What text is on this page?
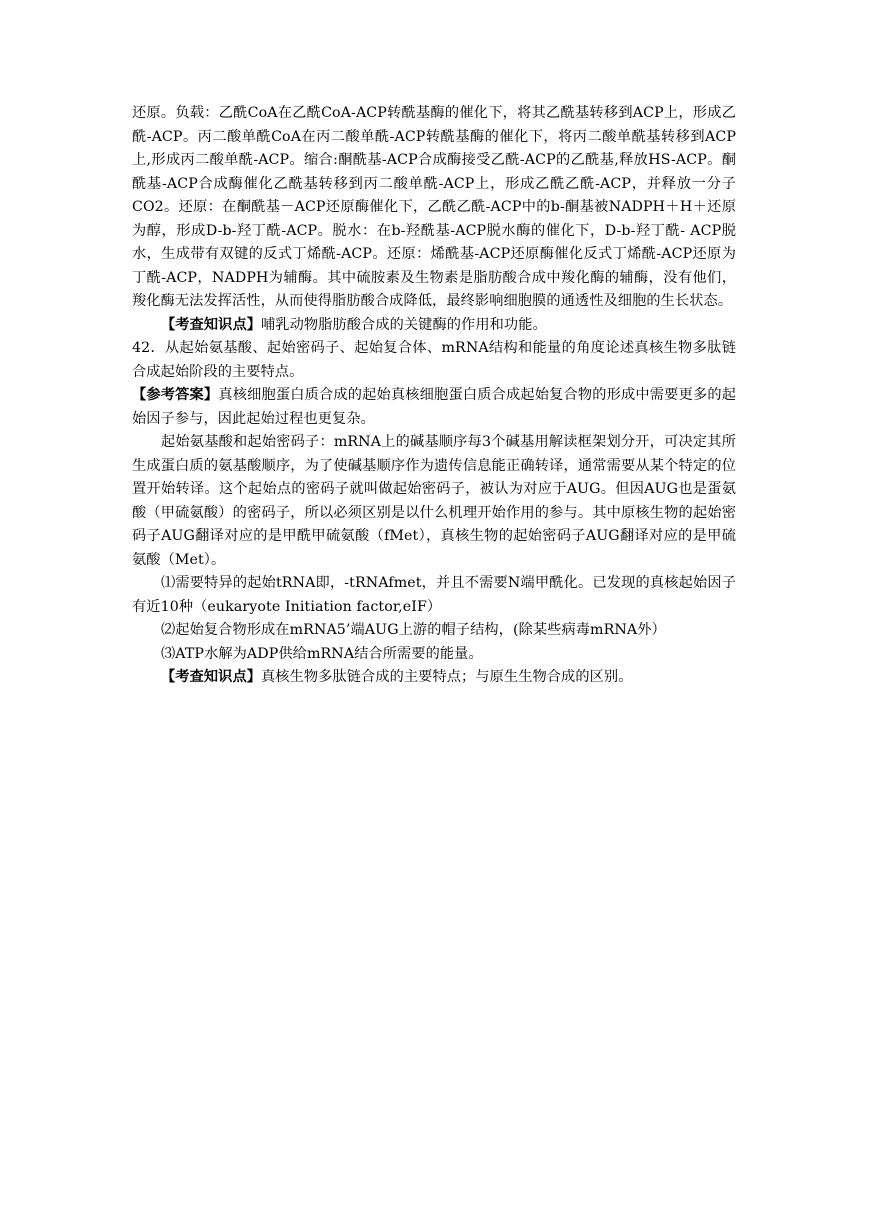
还原。负载：乙酰CoA在乙酰CoA-ACP转酰基酶的催化下，将其乙酰基转移到ACP上，形成乙酰-ACP。丙二酸单酰CoA在丙二酸单酰-ACP转酰基酶的催化下，将丙二酸单酰基转移到ACP上,形成丙二酸单酰-ACP。缩合:酮酰基-ACP合成酶接受乙酰-ACP的乙酰基,释放HS-ACP。酮酰基-ACP合成酶催化乙酰基转移到丙二酸单酰-ACP上，形成乙酰乙酰-ACP，并释放一分子CO2。还原：在酮酰基－ACP还原酶催化下，乙酰乙酰-ACP中的b-酮基被NADPH＋H＋还原为醇，形成D-b-羟丁酰-ACP。脱水：在b-羟酰基-ACP脱水酶的催化下，D-b-羟丁酰- ACP脱水，生成带有双键的反式丁烯酰-ACP。还原：烯酰基-ACP还原酶催化反式丁烯酰-ACP还原为丁酰-ACP，NADPH为辅酶。其中硫胺素及生物素是脂肪酸合成中羧化酶的辅酶，没有他们，羧化酶无法发挥活性，从而使得脂肪酸合成降低，最终影响细胞膜的通透性及细胞的生长状态。

【考查知识点】哺乳动物脂肪酸合成的关键酶的作用和功能。

42．从起始氨基酸、起始密码子、起始复合体、mRNA结构和能量的角度论述真核生物多肽链合成起始阶段的主要特点。

【参考答案】真核细胞蛋白质合成的起始真核细胞蛋白质合成起始复合物的形成中需要更多的起始因子参与，因此起始过程也更复杂。

起始氨基酸和起始密码子：mRNA上的碱基顺序每3个碱基用解读框架划分开，可决定其所生成蛋白质的氨基酸顺序，为了使碱基顺序作为遗传信息能正确转译，通常需要从某个特定的位置开始转译。这个起始点的密码子就叫做起始密码子，被认为对应于AUG。但因AUG也是蛋氨酸（甲硫氨酸）的密码子，所以必须区别是以什么机理开始作用的参与。其中原核生物的起始密码子AUG翻译对应的是甲酰甲硫氨酸（fMet），真核生物的起始密码子AUG翻译对应的是甲硫氨酸（Met）。

⑴需要特异的起始tRNA即，-tRNAfmet，并且不需要N端甲酰化。已发现的真核起始因子有近10种（eukaryote Initiation factor,eIF）

⑵起始复合物形成在mRNA5’端AUG上游的帽子结构，(除某些病毒mRNA外）

⑶ATP水解为ADP供给mRNA结合所需要的能量。

【考查知识点】真核生物多肽链合成的主要特点；与原生生物合成的区别。
